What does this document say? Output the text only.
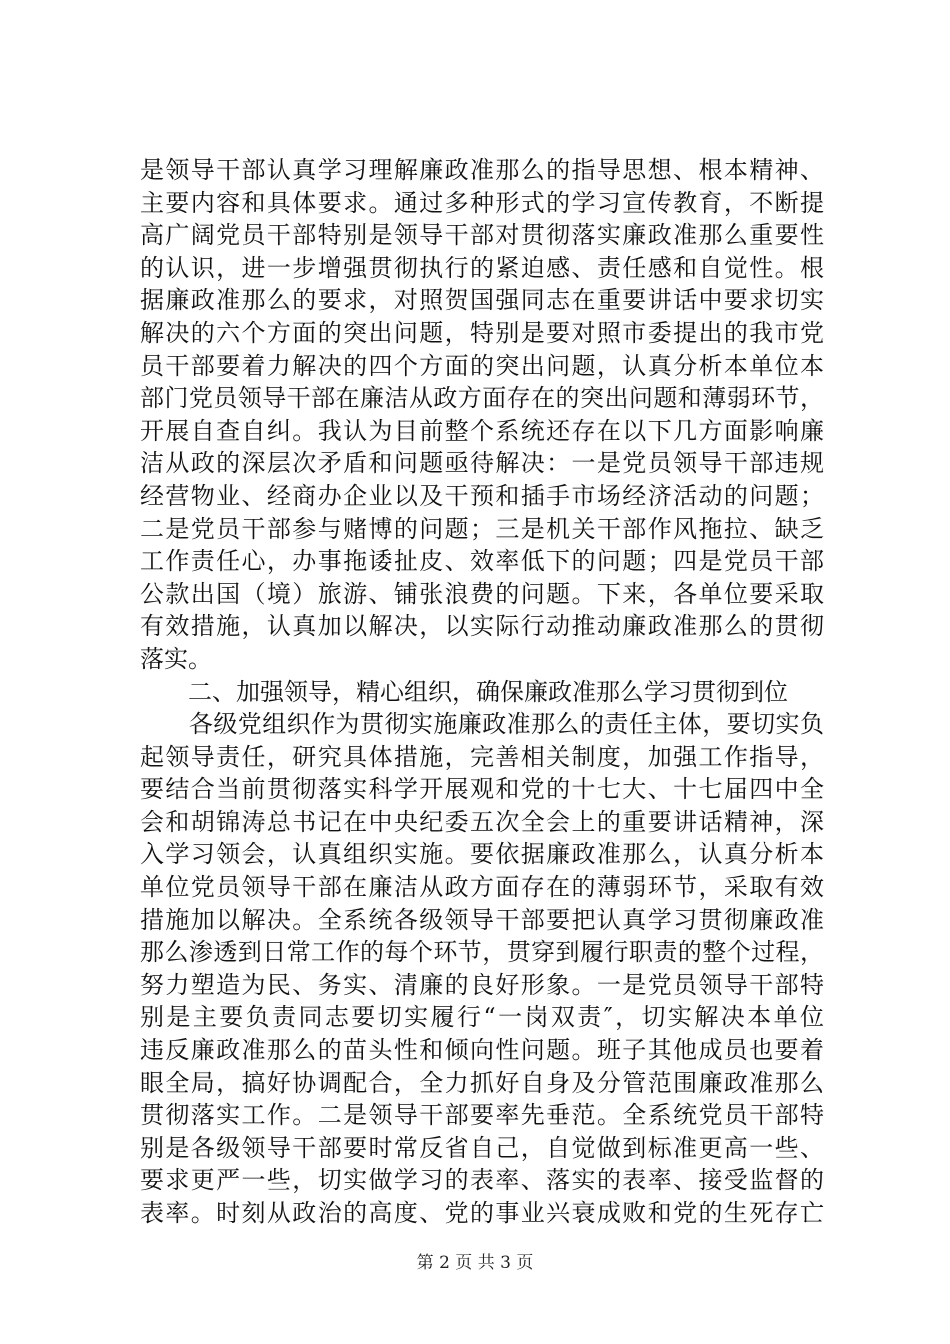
是领导干部认真学习理解廉政准那么的指导思想、根本精神、
主要内容和具体要求。通过多种形式的学习宣传教育，不断提
高广阔党员干部特别是领导干部对贯彻落实廉政准那么重要性
的认识，进一步增强贯彻执行的紧迫感、责任感和自觉性。根
据廉政准那么的要求，对照贺国强同志在重要讲话中要求切实
解决的六个方面的突出问题，特别是要对照市委提出的我市党
员干部要着力解决的四个方面的突出问题，认真分析本单位本
部门党员领导干部在廉洁从政方面存在的突出问题和薄弱环节，
开展自查自纠。我认为目前整个系统还存在以下几方面影响廉
洁从政的深层次矛盾和问题亟待解决：一是党员领导干部违规
经营物业、经商办企业以及干预和插手市场经济活动的问题；
二是党员干部参与赌博的问题；三是机关干部作风拖拉、缺乏
工作责任心，办事拖诿扯皮、效率低下的问题；四是党员干部
公款出国（境）旅游、铺张浪费的问题。下来，各单位要采取
有效措施，认真加以解决，以实际行动推动廉政准那么的贯彻
落实。
　　二、加强领导，精心组织，确保廉政准那么学习贯彻到位
　　各级党组织作为贯彻实施廉政准那么的责任主体，要切实负
起领导责任，研究具体措施，完善相关制度，加强工作指导，
要结合当前贯彻落实科学开展观和党的十七大、十七届四中全
会和胡锦涛总书记在中央纪委五次全会上的重要讲话精神，深
入学习领会，认真组织实施。要依据廉政准那么，认真分析本
单位党员领导干部在廉洁从政方面存在的薄弱环节，采取有效
措施加以解决。全系统各级领导干部要把认真学习贯彻廉政准
那么渗透到日常工作的每个环节，贯穿到履行职责的整个过程，
努力塑造为民、务实、清廉的良好形象。一是党员领导干部特
别是主要负责同志要切实履行“一岗双责″，切实解决本单位
违反廉政准那么的苗头性和倾向性问题。班子其他成员也要着
眼全局，搞好协调配合，全力抓好自身及分管范围廉政准那么
贯彻落实工作。二是领导干部要率先垂范。全系统党员干部特
别是各级领导干部要时常反省自己，自觉做到标准更高一些、
要求更严一些，切实做学习的表率、落实的表率、接受监督的
表率。时刻从政治的高度、党的事业兴衰成败和党的生死存亡
第 2 页 共 3 页
